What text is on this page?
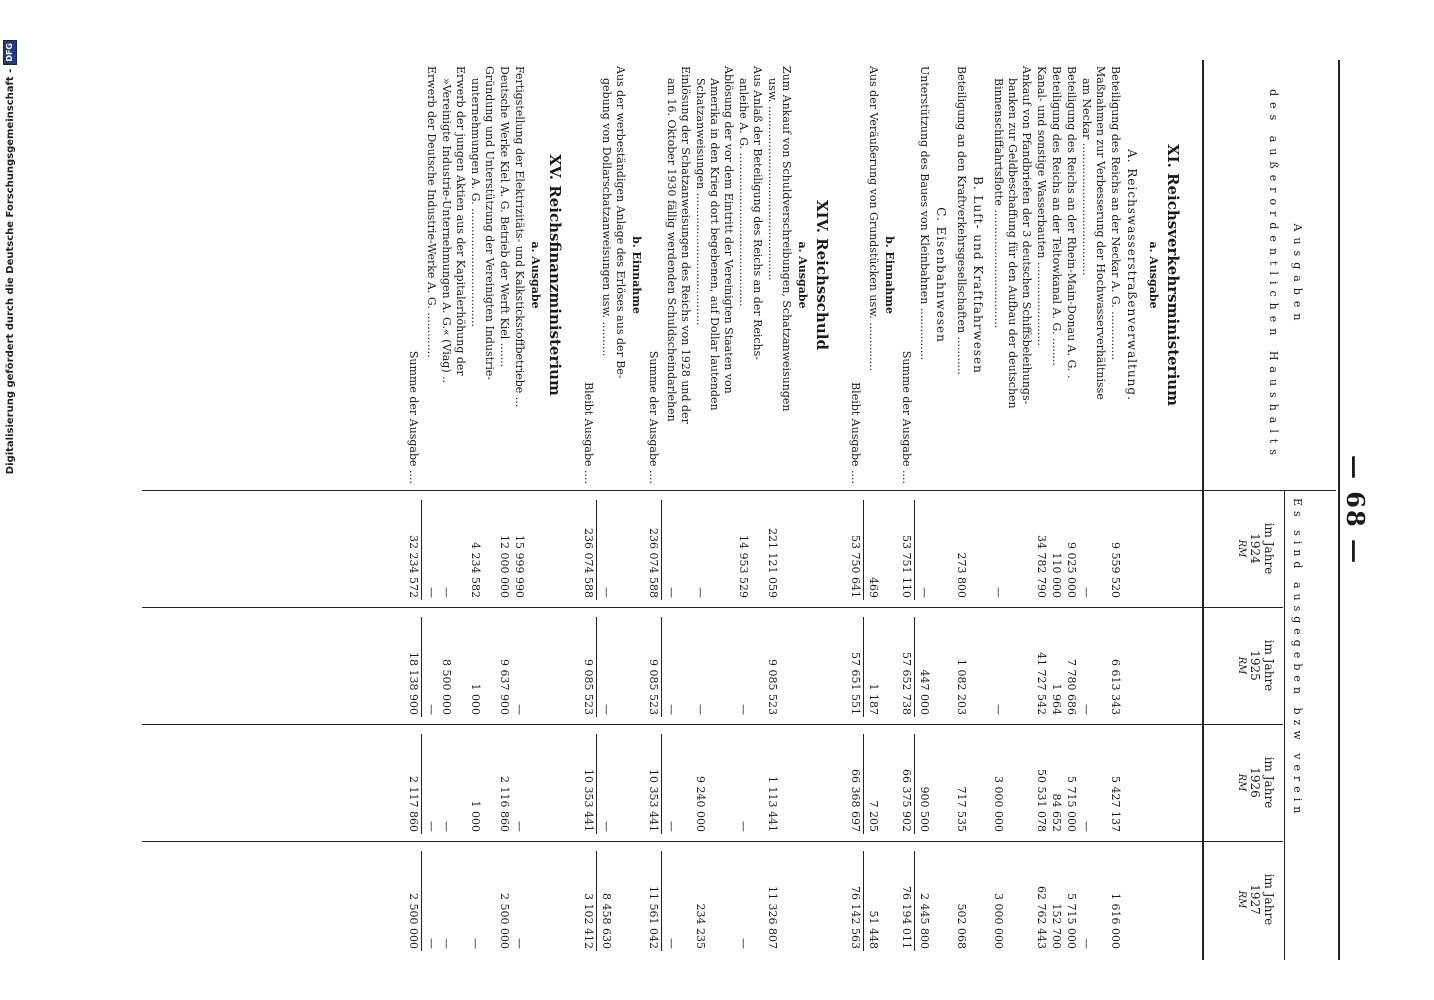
Digitalisierung gefördert durch die Deutsche Forschungsgemeinschaft -
DFG
— 68 —
Ausgaben
des außerordentlichen Haushalts
Es sind ausgegeben bzw verein
im Jahre
1924
RM
im Jahre
1925
RM
im Jahre
1926
RM
im Jahre
1927
RM
XI. Reichsverkehrsministerium
a. Ausgabe
A. Reichswasserstraßenverwaltung.
Beteiligung des Reichs an der Neckar A. G. ..............
9 559 520
6 613 343
5 427 137
1 616 000
Maßnahmen zur Verbesserung der Hochwasserverhältnisse
am Neckar ......................................
—
—
—
—
Beteiligung des Reichs an der Rhein-Main-Donau A. G. .
9 025 000
7 780 686
5 715 000
5 715 000
Beteiligung des Reichs an der Teltowkanal A. G. ........
110 000
1 964
84 652
152 700
Kanal- und sonstige Wasserbauten ........................
34 782 790
41 727 542
50 531 078
62 762 443
Ankauf von Pfandbriefen der 3 deutschen Schiffsbeleihungs-
banken zur Geldbeschaffung für den Aufbau der deutschen
Binnenschiffahrtsflotte ..................................
—
—
3 000 000
3 000 000
B. Luft- und Kraftfahrwesen
Beteiligung an den Kraftverkehrsgesellschaften ...........
273 800
1 082 203
717 535
502 068
C. Eisenbahnwesen
Unterstützung des Baues von Kleinbahnen ...............
—
447 000
900 500
2 445 800
Summe der Ausgabe ....
53 751 110
57 652 738
66 375 902
76 194 011
b. Einnahme
Aus der Veräußerung von Grundstücken usw. ..............
469
1 187
7 205
51 448
Bleibt Ausgabe ....
53 750 641
57 651 551
66 368 697
76 142 563
XIV. Reichsschuld
a. Ausgabe
Zum Ankauf von Schuldverschreibungen, Schatzanweisungen
usw. ..................................................
221 121 059
9 085 523
1 113 441
11 326 807
Aus Anlaß der Beteiligung des Reichs an der Reichs-
anleihe A. G. ............................................
14 953 529
—
—
—
Ablösung der vor dem Eintritt der Vereinigten Staaten von
Amerika in den Krieg dort begebenen, auf Dollar lautenden
Schatzanweisungen ......................................
—
—
9 240 000
234 235
Einlösung der Schatzanweisungen des Reichs von 1928 und der
am 16. Oktober 1930 fällig werdenden Schuldscheindarlehen
—
—
—
—
Summe der Ausgabe ....
236 074 588
9 085 523
10 353 441
11 561 042
b. Einnahme
Aus der werbeständigen Anlage des Erlöses aus der Be-
gebung von Dollarschatzanweisungen usw. ..........
—
—
—
8 458 630
Bleibt Ausgabe ....
236 074 588
9 085 523
10 353 441
3 102 412
XV. Reichsfinanzministerium
a. Ausgabe
Fertigstellung der Elektrizitäts- und Kalkstickstoffbetriebe ...
15 999 990
—
—
—
Deutsche Werke Kiel A. G. Betrieb der Werft Kiel .......
12 000 000
9 637 900
2 116 860
2 500 000
Gründung und Unterstützung der Vereinigten Industrie-
unternehmungen A. G. ..................................
4 234 582
1 000
1 000
—
Erwerb der jungen Aktien aus der Kapitalerhöhung der
»Vereinigte Industrie-Unternehmungen A. G.« (Viag) ..
—
8 500 000
—
—
Erwerb der Deutsche Industrie-Werke A. G. .............
—
—
—
—
Summe der Ausgabe ....
32 234 572
18 138 900
2 117 860
2 500 000
